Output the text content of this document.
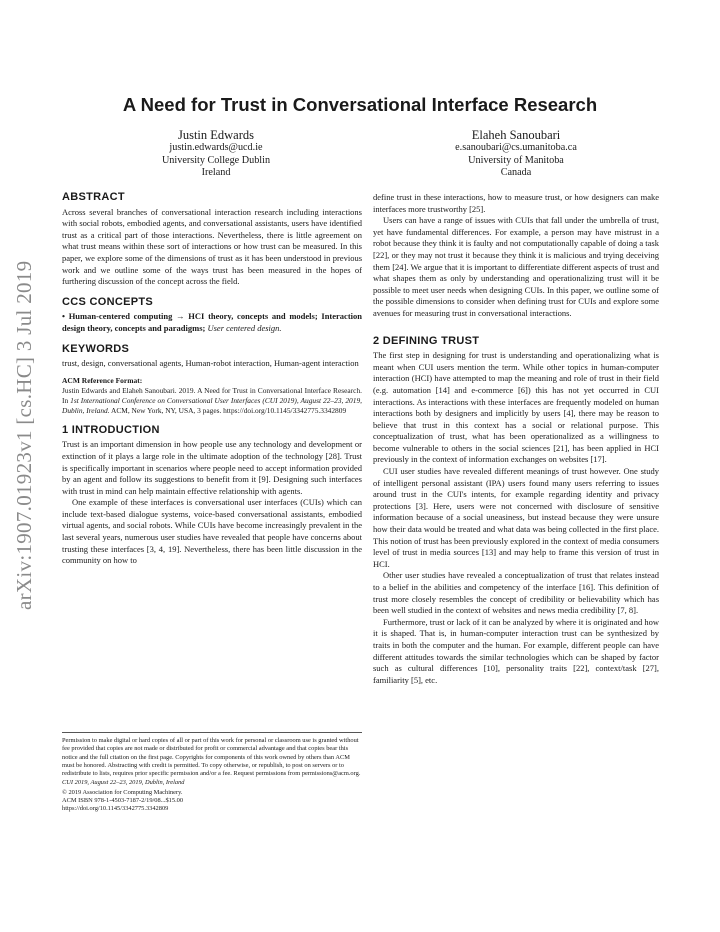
arXiv:1907.01923v1 [cs.HC] 3 Jul 2019
A Need for Trust in Conversational Interface Research
Justin Edwards
justin.edwards@ucd.ie
University College Dublin
Ireland
Elaheh Sanoubari
e.sanoubari@cs.umanitoba.ca
University of Manitoba
Canada
ABSTRACT

Across several branches of conversational interaction research including interactions with social robots, embodied agents, and conversational assistants, users have identified trust as a critical part of those interactions. Nevertheless, there is little agreement on what trust means within these sort of interactions or how trust can be measured. In this paper, we explore some of the dimensions of trust as it has been understood in previous work and we outline some of the ways trust has been measured in the hopes of furthering discussion of the concept across the field.

CCS CONCEPTS

• Human-centered computing → HCI theory, concepts and models; Interaction design theory, concepts and paradigms; User centered design.

KEYWORDS

trust, design, conversational agents, Human-robot interaction, Human-agent interaction

ACM Reference Format:
Justin Edwards and Elaheh Sanoubari. 2019. A Need for Trust in Conversational Interface Research. In 1st International Conference on Conversational User Interfaces (CUI 2019), August 22–23, 2019, Dublin, Ireland. ACM, New York, NY, USA, 3 pages. https://doi.org/10.1145/3342775.3342809
1 INTRODUCTION

Trust is an important dimension in how people use any technology and development or extinction of it plays a large role in the ultimate adoption of the technology [28]. Trust is specifically important in scenarios where people need to accept information provided by an agent and follow its suggestions to benefit from it [9]. Designing such interfaces with trust in mind can help maintain effective relationship with agents.

One example of these interfaces is conversational user interfaces (CUIs) which can include text-based dialogue systems, voice-based conversational assistants, embodied virtual agents, and social robots. While CUIs have become increasingly prevalent in the last several years, numerous user studies have revealed that people have concerns about trusting these interfaces [3, 4, 19]. Nevertheless, there has been little discussion in the community on how to

Permission to make digital or hard copies of all or part of this work for personal or classroom use is granted without fee provided that copies are not made or distributed for profit or commercial advantage and that copies bear this notice and the full citation on the first page. Copyrights for components of this work owned by others than ACM must be honored. Abstracting with credit is permitted. To copy otherwise, or republish, to post on servers or to redistribute to lists, requires prior specific permission and/or a fee. Request permissions from permissions@acm.org.
CUI 2019, August 22–23, 2019, Dublin, Ireland
© 2019 Association for Computing Machinery.
ACM ISBN 978-1-4503-7187-2/19/08...$15.00
https://doi.org/10.1145/3342775.3342809

define trust in these interactions, how to measure trust, or how designers can make interfaces more trustworthy [25].

Users can have a range of issues with CUIs that fall under the umbrella of trust, yet have fundamental differences. For example, a person may have mistrust in a robot because they think it is faulty and not computationally capable of doing a task [22], or they may not trust it because they think it is malicious and trying deceiving them [24]. We argue that it is important to differentiate different aspects of trust and what shapes them as only by understanding and operationalizing trust will it be possible to meet user needs when designing CUIs. In this paper, we outline some of the possible dimensions to consider when defining trust for CUIs and explore some avenues for measuring trust in conversational interactions.

2 DEFINING TRUST

The first step in designing for trust is understanding and operationalizing what is meant when CUI users mention the term. While other topics in human-computer interaction (HCI) have attempted to map the meaning and role of trust in their field (e.g. automation [14] and e-commerce [6]) this has not yet occurred in CUI interactions. As interactions with these interfaces are frequently modeled on human interactions both by designers and implicitly by users [4], there may be reason to believe that trust in this context has a social or relational purpose. This conceptualization of trust, what has been operationalized as a willingness to become vulnerable to others in the social sciences [21], has been applied in HCI previously in the context of information exchanges on websites [17].

CUI user studies have revealed different meanings of trust however. One study of intelligent personal assistant (IPA) users found many users referring to issues around trust in the CUI's intents, for example regarding identity and privacy protections [3]. Here, users were not concerned with disclosure of sensitive information because of a social uneasiness, but instead because they were unsure how their data would be treated and what data was being collected in the first place. This notion of trust has been previously explored in the context of media consumers level of trust in media sources [13] and may help to frame this version of trust in HCI.

Other user studies have revealed a conceptualization of trust that relates instead to a belief in the abilities and competency of the interface [16]. This definition of trust more closely resembles the concept of credibility or believability which has been well studied in the context of websites and news media credibility [7, 8].

Furthermore, trust or lack of it can be analyzed by where it is originated and how it is shaped. That is, in human-computer interaction trust can be synthesized by traits in both the computer and the human. For example, different people can have different attitudes towards the similar technologies which can be shaped by factor such as cultural differences [10], personality traits [22], context/task [27], familiarity [5], etc.
